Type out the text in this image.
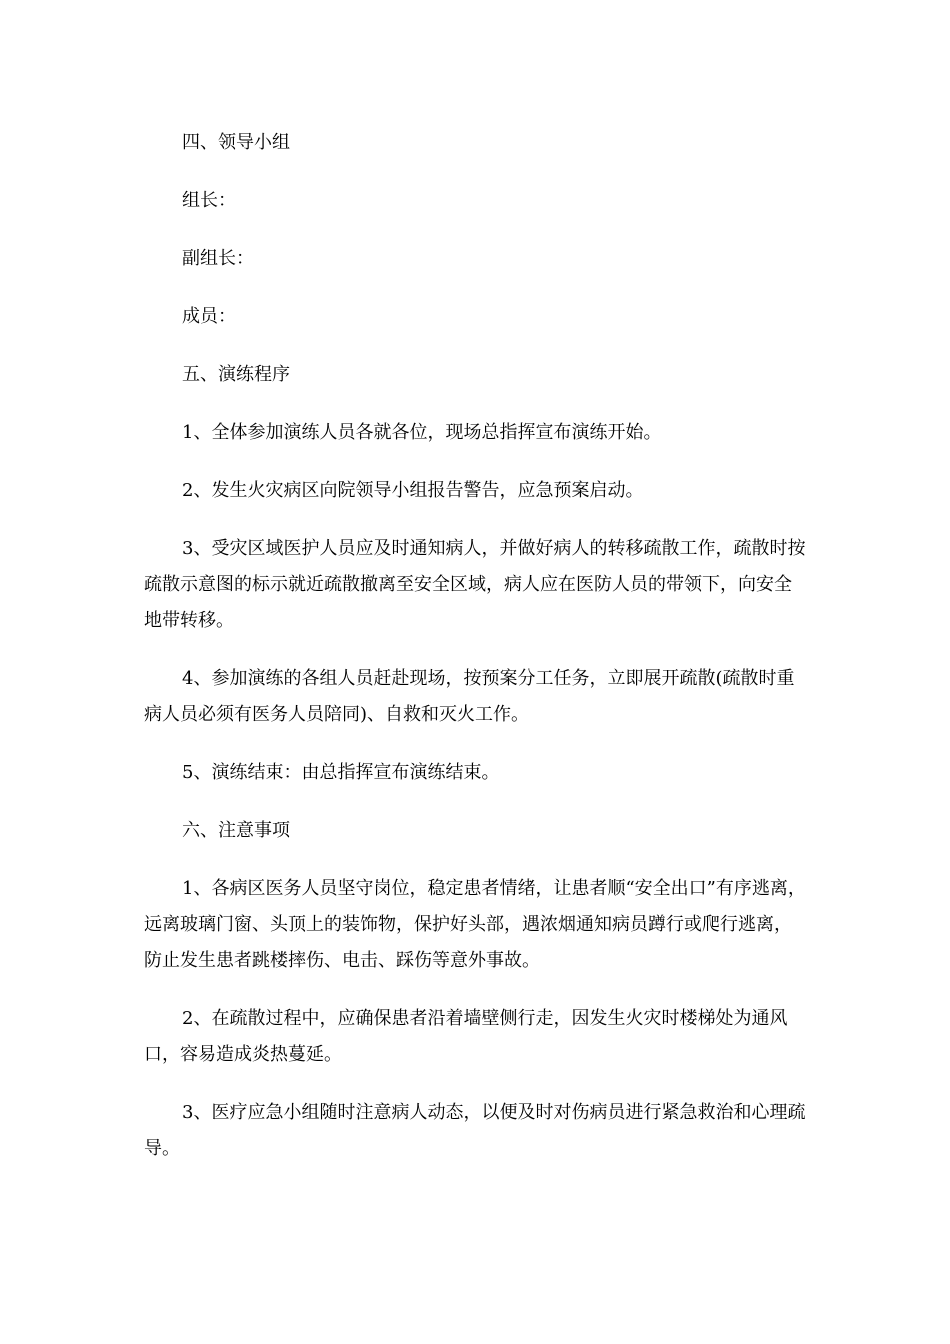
四、领导小组

组长：

副组长：

成员：

五、演练程序

1、全体参加演练人员各就各位，现场总指挥宣布演练开始。

2、发生火灾病区向院领导小组报告警告，应急预案启动。

3、受灾区域医护人员应及时通知病人，并做好病人的转移疏散工作，疏散时按疏散示意图的标示就近疏散撤离至安全区域，病人应在医防人员的带领下，向安全地带转移。

4、参加演练的各组人员赶赴现场，按预案分工任务，立即展开疏散(疏散时重病人员必须有医务人员陪同)、自救和灭火工作。

5、演练结束：由总指挥宣布演练结束。

六、注意事项

1、各病区医务人员坚守岗位，稳定患者情绪，让患者顺“安全出口”有序逃离，远离玻璃门窗、头顶上的装饰物，保护好头部，遇浓烟通知病员蹲行或爬行逃离，防止发生患者跳楼摔伤、电击、踩伤等意外事故。

2、在疏散过程中，应确保患者沿着墙壁侧行走，因发生火灾时楼梯处为通风口，容易造成炎热蔓延。

3、医疗应急小组随时注意病人动态，以便及时对伤病员进行紧急救治和心理疏导。
